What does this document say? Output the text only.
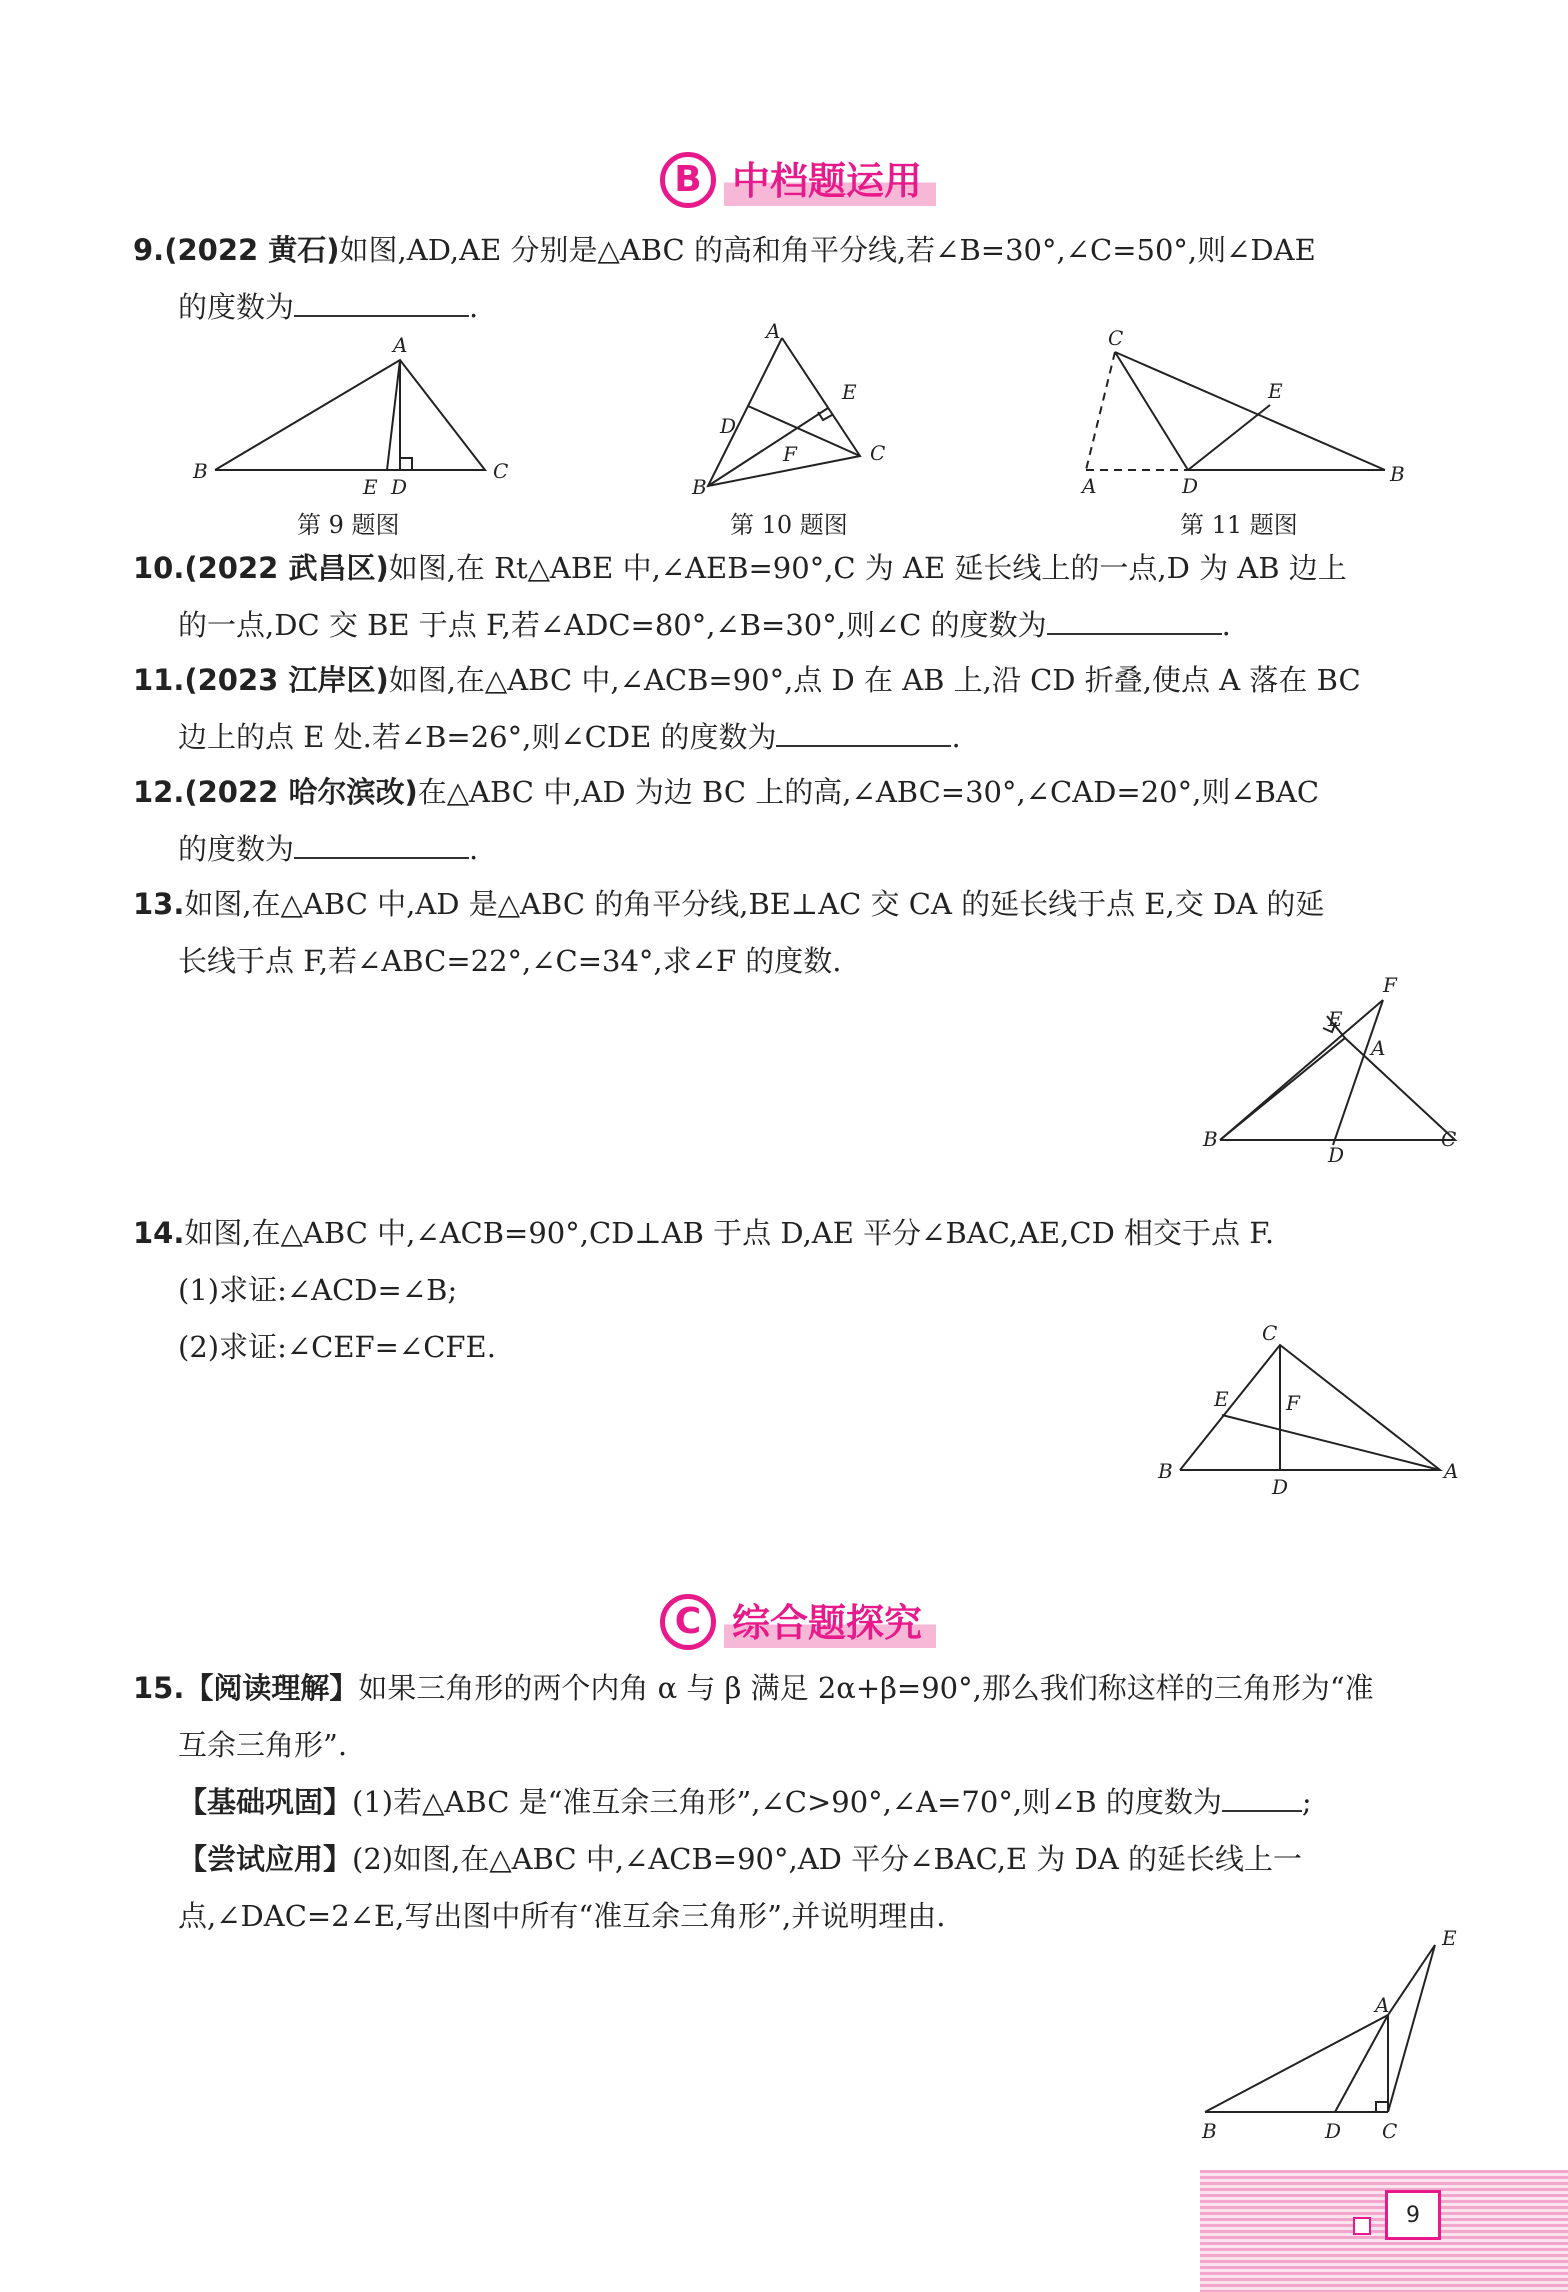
B 中档题运用
9.(2022 黄石)如图,AD,AE 分别是△ABC 的高和角平分线,若∠B=30°,∠C=50°,则∠DAE
的度数为	.
A
B
E D
C
第 9 题图
A
E
D
F	C
B
第 10 题图
C
E
A	D	B
第 11 题图
10.(2022 武昌区)如图,在 Rt△ABE 中,∠AEB=90°,C 为 AE 延长线上的一点,D 为 AB 边上
的一点,DC 交 BE 于点 F,若∠ADC=80°,∠B=30°,则∠C 的度数为	.
11.(2023 江岸区)如图,在△ABC 中,∠ACB=90°,点 D 在 AB 上,沿 CD 折叠,使点 A 落在 BC
边上的点 E 处.若∠B=26°,则∠CDE 的度数为	.
12.(2022 哈尔滨改)在△ABC 中,AD 为边 BC 上的高,∠ABC=30°,∠CAD=20°,则∠BAC
的度数为	.
13.如图,在△ABC 中,AD 是△ABC 的角平分线,BE⊥AC 交 CA 的延长线于点 E,交 DA 的延
长线于点 F,若∠ABC=22°,∠C=34°,求∠F 的度数.
F
E
A
B
D
C
14.如图,在△ABC 中,∠ACB=90°,CD⊥AB 于点 D,AE 平分∠BAC,AE,CD 相交于点 F.
(1)求证:∠ACD=∠B;
(2)求证:∠CEF=∠CFE.	C
E	F
B
D
A
C 综合题探究
15.【阅读理解】如果三角形的两个内角 α 与 β 满足 2α+β=90°,那么我们称这样的三角形为“准
互余三角形”.
【基础巩固】(1)若△ABC 是“准互余三角形”,∠C>90°,∠A=70°,则∠B 的度数为	;
【尝试应用】(2)如图,在△ABC 中,∠ACB=90°,AD 平分∠BAC,E 为 DA 的延长线上一
点,∠DAC=2∠E,写出图中所有“准互余三角形”,并说明理由.
E
A
B	D C
9
